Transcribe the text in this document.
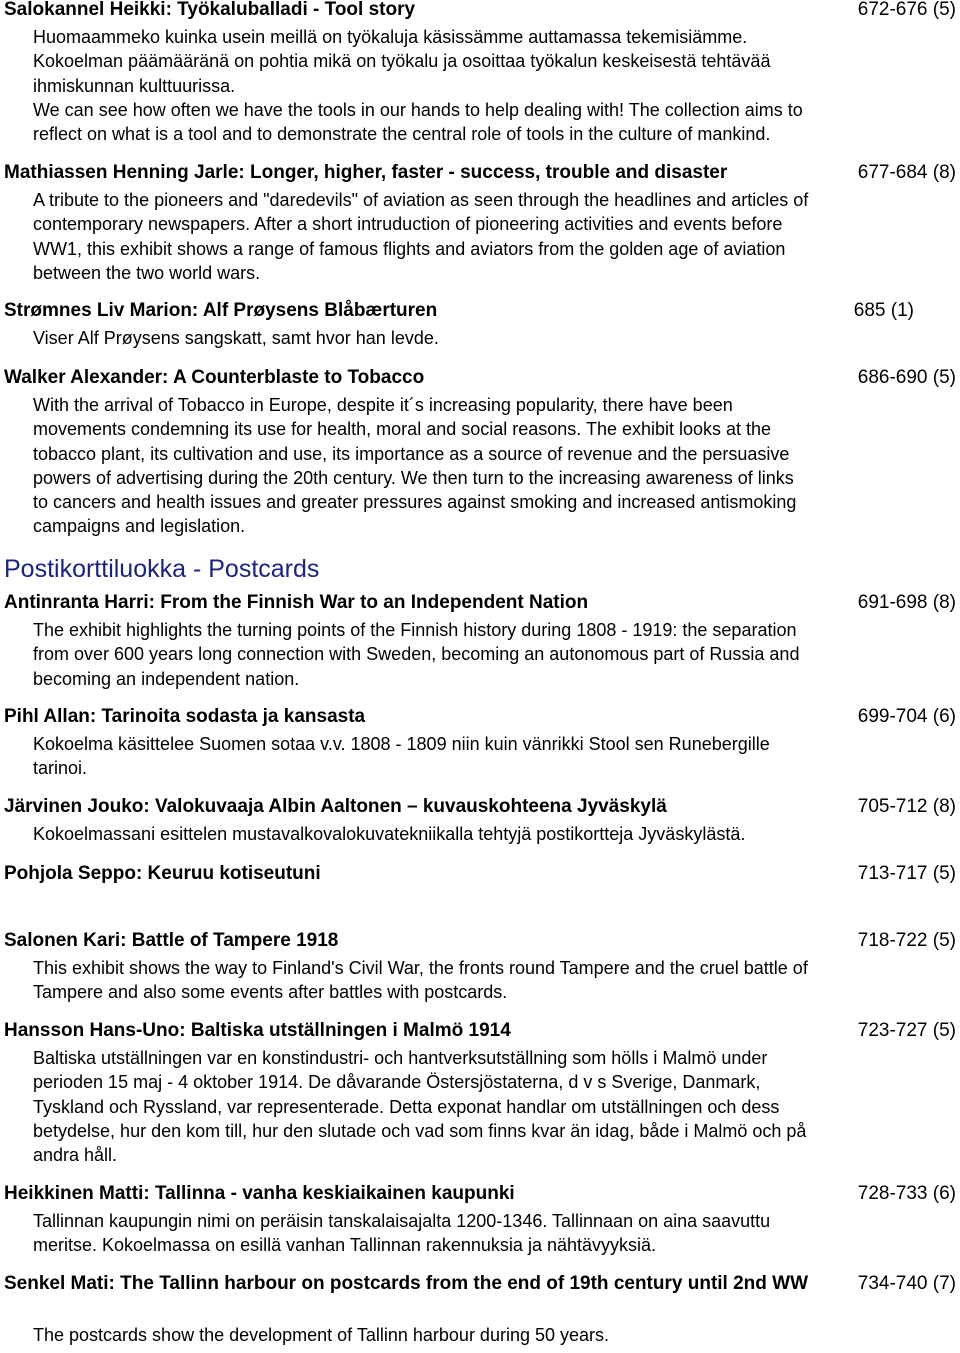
Salokannel Heikki: Työkaluballadi - Tool story	672-676 (5)
Huomaammeko kuinka usein meillä on työkaluja käsissämme auttamassa tekemisiämme.
Kokoelman päämääränä on pohtia mikä on työkalu ja osoittaa työkalun keskeisestä tehtävää
ihmiskunnan kulttuurissa.
We can see how often we have the tools in our hands to help dealing with! The collection aims to
reflect on what is a tool and to demonstrate the central role of tools in the culture of mankind.
Mathiassen Henning Jarle: Longer, higher, faster - success, trouble and disaster	677-684 (8)
A tribute to the pioneers and "daredevils" of aviation as seen through the headlines and articles of
contemporary newspapers. After a short intruduction of pioneering activities and events before
WW1, this exhibit shows a range of famous flights and aviators from the golden age of aviation
between the two world wars.
Strømnes Liv Marion: Alf Prøysens Blåbærturen	685 (1)
Viser Alf Prøysens sangskatt, samt hvor han levde.
Walker Alexander: A Counterblaste to Tobacco	686-690 (5)
With the arrival of Tobacco in Europe, despite it´s increasing popularity, there have been
movements condemning its use for health, moral and social reasons. The exhibit looks at the
tobacco plant, its cultivation and use, its importance as a source of revenue and the persuasive
powers of advertising during the 20th century. We then turn to the increasing awareness of links
to cancers and health issues and greater pressures against smoking and increased antismoking
campaigns and legislation.
Postikorttiluokka - Postcards
Antinranta Harri: From the Finnish War to an Independent Nation	691-698 (8)
The exhibit highlights the turning points of the Finnish history during 1808 - 1919: the separation
from over 600 years long connection with Sweden, becoming an autonomous part of Russia and
becoming an independent nation.
Pihl Allan: Tarinoita sodasta ja kansasta	699-704 (6)
Kokoelma käsittelee Suomen sotaa v.v. 1808 - 1809 niin kuin vänrikki Stool sen Runebergille
tarinoi.
Järvinen Jouko: Valokuvaaja Albin Aaltonen – kuvauskohteena Jyväskylä	705-712 (8)
Kokoelmassani esittelen mustavalkovalokuvatekniikalla tehtyjä postikortteja Jyväskylästä.
Pohjola Seppo: Keuruu kotiseutuni	713-717 (5)
Salonen Kari: Battle of Tampere 1918	718-722 (5)
This exhibit shows the way to Finland's Civil War, the fronts round Tampere and the cruel battle of
Tampere and also some events after battles with postcards.
Hansson Hans-Uno: Baltiska utställningen i Malmö 1914	723-727 (5)
Baltiska utställningen var en konstindustri- och hantverksutställning som hölls i Malmö under
perioden 15 maj - 4 oktober 1914. De dåvarande Östersjöstaterna, d v s Sverige, Danmark,
Tyskland och Ryssland, var representerade. Detta exponat handlar om utställningen och dess
betydelse, hur den kom till, hur den slutade och vad som finns kvar än idag, både i Malmö och på
andra håll.
Heikkinen Matti: Tallinna - vanha keskiaikainen kaupunki	728-733 (6)
Tallinnan kaupungin nimi on peräisin tanskalaisajalta 1200-1346. Tallinnaan on aina saavuttu
meritse. Kokoelmassa on esillä vanhan Tallinnan rakennuksia ja nähtävyyksiä.
Senkel Mati: The Tallinn harbour on postcards from the end of 19th century until 2nd WW	734-740 (7)
The postcards show the development of Tallinn harbour during 50 years.
